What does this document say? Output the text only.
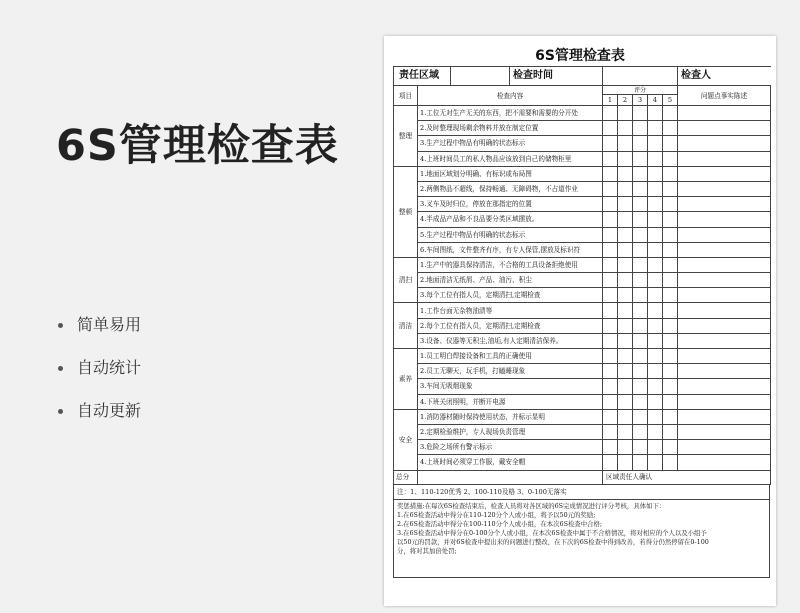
6S管理检查表
简单易用
自动统计
自动更新
6S管理检查表
责任区域 检查时间							检查人
项目	检查内容	评分					问题点事实陈述
		1	2	3	4	5	
整理	1.工位无对生产无关的东西，把不需要和需要的分开处						
	2.及时整理现场剩余物料并放在制定位置						
	3.生产过程中物品有明确的状态标示						
	4.上班时间员工的私人物品应该放到自己的储物柜里						
整顿	1.地面区域划分明确、有标识或布局图						
	2.两侧物品不超线，保持畅通、无障碍物，不占道作业						
	3.叉车及时归位，停放在那指定的位置						
	4.半成品产品和不良品要分类区域摆放。						
	5.生产过程中物品有明确的状态标示						
	6.车间图纸，文件整齐有序，有专人保管,摆放及标识符						
清扫	1.生产中的器具保持清洁，不合格的工具设备拒绝使用						
	2.地面清洁无纸屑、产品、油污、积尘						
	3.每个工位有指人员，定期清扫,定期检查						
清洁	1.工作台面无杂物油渍等						
	2.每个工位有指人员，定期清扫,定期检查						
	3.设备、仪器等无积尘,油垢,有人定期清洁保养。						
素养	1.员工明白焊接设备和工具的正确使用						
	2.员工无聊天，玩手机，打瞌睡现象						
	3.车间无吸烟现象						
	4.下班关闭照明，并断开电源						
安全	1.消防器材随时保持使用状态，并标示显明						
	2.定期检验维护，专人现场负责管理						
	3.危险之场所有警示标示						
	4.上班时间必须穿工作服，戴安全帽						
总分		区域责任人确认
注：1、110-120优秀 2、100-110及格 3、0-100无落实
奖惩措施:在每次6S检查结束后，检查人员将对各区域的6S完成情况进行评分考核，具体如下：
1.在6S检查活动中得分在110-120分个人或小组，将予以50元的奖励;
2.在6S检查活动中得分在100-110分个人或小组，在本次6S检查中合格;
3.在6S检查活动中得分在0-100分个人或小组，在本次6S检查中属于不合格情况，将对相应的个人以及小组予
以50元的罚款，并对6S检查中提出来的问题进行整改，在下次的6S检查中得到改善，若得分仍然停留在0-100
分，将对其加倍处罚;
